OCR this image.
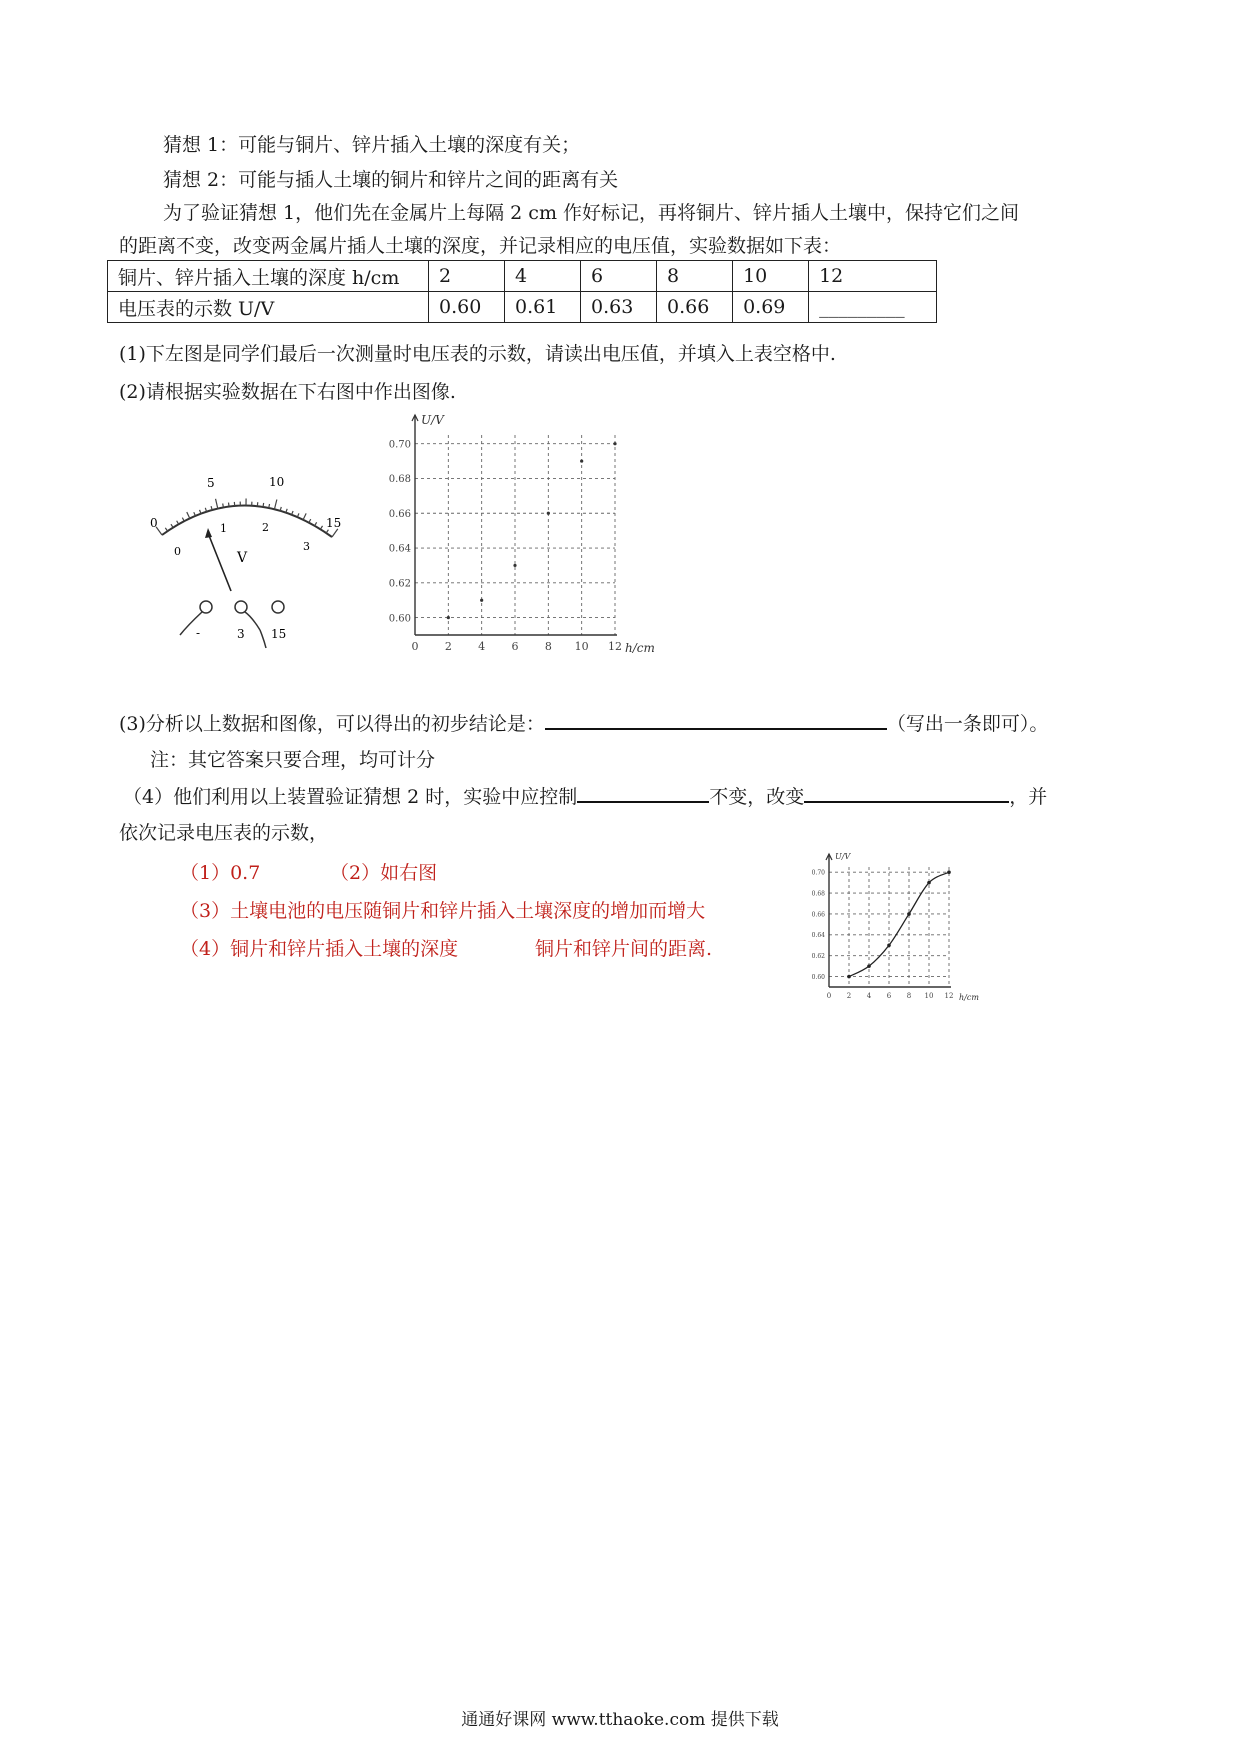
猜想 1：可能与铜片、锌片插入土壤的深度有关；
猜想 2：可能与插人土壤的铜片和锌片之间的距离有关
为了验证猜想 1，他们先在金属片上每隔 2 cm 作好标记，再将铜片、锌片插人土壤中，保持它们之间
的距离不变，改变两金属片插人土壤的深度，并记录相应的电压值，实验数据如下表：
铜片、锌片插入土壤的深度 h/cm	2	4	6	8	10	12
电压表的示数 U/V	0.60	0.61	0.63	0.66	0.69	_________
(1)下左图是同学们最后一次测量时电压表的示数，请读出电压值，并填入上表空格中.
(2)请根据实验数据在下右图中作出图像.
0
5	10
15
0
1	2
3
V
-	3 15
0 2 4 6 8 10 12
0.60
0.62
0.64
0.66
0.68
0.70
U/V
h/cm
(3)分析以上数据和图像，可以得出的初步结论是：	（写出一条即可）。
注：其它答案只要合理，均可计分
（4）他们利用以上装置验证猜想 2 时，实验中应控制	不变，改变	，并
依次记录电压表的示数，
（1）0.7	（2）如右图
（3）土壤电池的电压随铜片和锌片插入土壤深度的增加而增大
（4）铜片和锌片插入土壤的深度	铜片和锌片间的距离.
0 2 4 6 8 10 12
0.60
0.62
0.64
0.66
0.68
0.70
U/V
h/cm
通通好课网 www.tthaoke.com 提供下载
